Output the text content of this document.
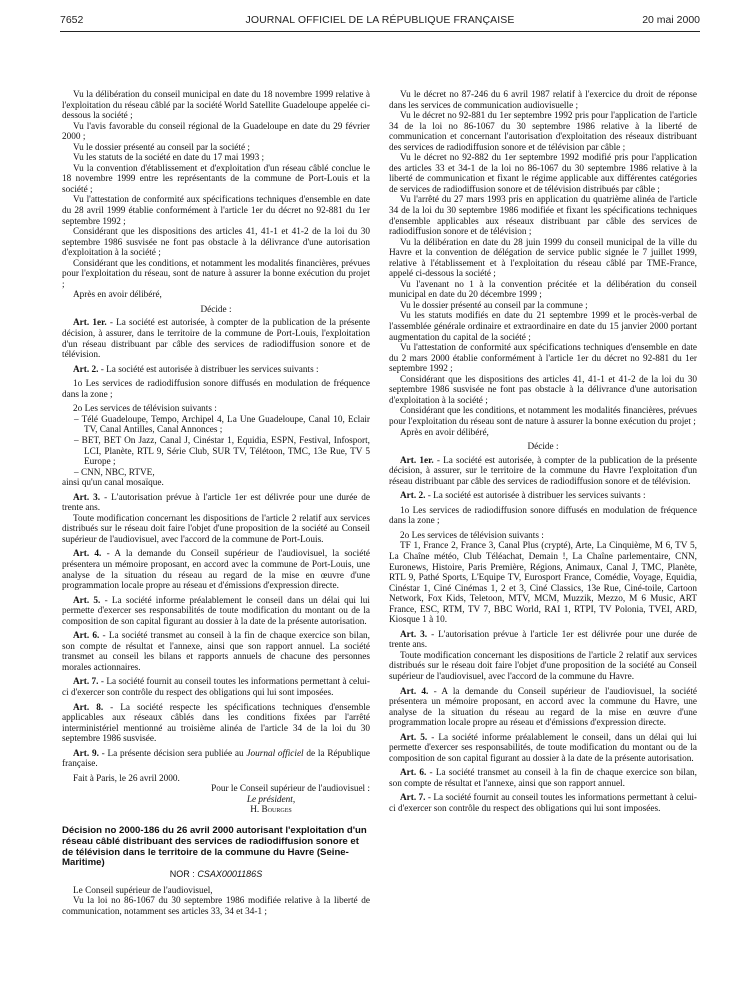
7652	JOURNAL OFFICIEL DE LA RÉPUBLIQUE FRANÇAISE	20 mai 2000

Vu la délibération du conseil municipal en date du 18 novembre 1999 relative à l'exploitation du réseau câblé par la société World Satellite Guadeloupe appelée ci-dessous la société ;

Vu l'avis favorable du conseil régional de la Guadeloupe en date du 29 février 2000 ;

Vu le dossier présenté au conseil par la société ;

Vu les statuts de la société en date du 17 mai 1993 ;

Vu la convention d'établissement et d'exploitation d'un réseau câblé conclue le 18 novembre 1999 entre les représentants de la commune de Port-Louis et la société ;

Vu l'attestation de conformité aux spécifications techniques d'ensemble en date du 28 avril 1999 établie conformément à l'article 1er du décret no 92-881 du 1er septembre 1992 ;

Considérant que les dispositions des articles 41, 41-1 et 41-2 de la loi du 30 septembre 1986 susvisée ne font pas obstacle à la délivrance d'une autorisation d'exploitation à la société ;

Considérant que les conditions, et notamment les modalités financières, prévues pour l'exploitation du réseau, sont de nature à assurer la bonne exécution du projet ;

Après en avoir délibéré,

Décide :

Art. 1er. - La société est autorisée, à compter de la publication de la présente décision, à assurer, dans le territoire de la commune de Port-Louis, l'exploitation d'un réseau distribuant par câble des services de radiodiffusion sonore et de télévision.

Art. 2. - La société est autorisée à distribuer les services suivants :

1o Les services de radiodiffusion sonore diffusés en modulation de fréquence dans la zone ;

2o Les services de télévision suivants :

– Télé Guadeloupe, Tempo, Archipel 4, La Une Guadeloupe, Canal 10, Eclair TV, Canal Antilles, Canal Annonces ;

– BET, BET On Jazz, Canal J, Cinéstar 1, Equidia, ESPN, Festival, Infosport, LCI, Planète, RTL 9, Série Club, SUR TV, Télétoon, TMC, 13e Rue, TV 5 Europe ;

– CNN, NBC, RTVE,

ainsi qu'un canal mosaïque.

Art. 3. - L'autorisation prévue à l'article 1er est délivrée pour une durée de trente ans.

Toute modification concernant les dispositions de l'article 2 relatif aux services distribués sur le réseau doit faire l'objet d'une proposition de la société au Conseil supérieur de l'audiovisuel, avec l'accord de la commune de Port-Louis.

Art. 4. - A la demande du Conseil supérieur de l'audiovisuel, la société présentera un mémoire proposant, en accord avec la commune de Port-Louis, une analyse de la situation du réseau au regard de la mise en œuvre d'une programmation locale propre au réseau et d'émissions d'expression directe.

Art. 5. - La société informe préalablement le conseil dans un délai qui lui permette d'exercer ses responsabilités de toute modification du montant ou de la composition de son capital figurant au dossier à la date de la présente autorisation.

Art. 6. - La société transmet au conseil à la fin de chaque exercice son bilan, son compte de résultat et l'annexe, ainsi que son rapport annuel. La société transmet au conseil les bilans et rapports annuels de chacune des personnes morales actionnaires.

Art. 7. - La société fournit au conseil toutes les informations permettant à celui-ci d'exercer son contrôle du respect des obligations qui lui sont imposées.

Art. 8. - La société respecte les spécifications techniques d'ensemble applicables aux réseaux câblés dans les conditions fixées par l'arrêté interministériel mentionné au troisième alinéa de l'article 34 de la loi du 30 septembre 1986 susvisée.

Art. 9. - La présente décision sera publiée au Journal officiel de la République française.

Fait à Paris, le 26 avril 2000.

Pour le Conseil supérieur de l'audiovisuel :

Le président,

H. Bourges

Décision no 2000-186 du 26 avril 2000 autorisant l'exploitation d'un réseau câblé distribuant des services de radiodiffusion sonore et de télévision dans le territoire de la commune du Havre (Seine-Maritime)

NOR : CSAX0001186S

Le Conseil supérieur de l'audiovisuel,

Vu la loi no 86-1067 du 30 septembre 1986 modifiée relative à la liberté de communication, notamment ses articles 33, 34 et 34-1 ;

Vu le décret no 87-246 du 6 avril 1987 relatif à l'exercice du droit de réponse dans les services de communication audiovisuelle ;

Vu le décret no 92-881 du 1er septembre 1992 pris pour l'application de l'article 34 de la loi no 86-1067 du 30 septembre 1986 relative à la liberté de communication et concernant l'autorisation d'exploitation des réseaux distribuant des services de radiodiffusion sonore et de télévision par câble ;

Vu le décret no 92-882 du 1er septembre 1992 modifié pris pour l'application des articles 33 et 34-1 de la loi no 86-1067 du 30 septembre 1986 relative à la liberté de communication et fixant le régime applicable aux différentes catégories de services de radiodiffusion sonore et de télévision distribués par câble ;

Vu l'arrêté du 27 mars 1993 pris en application du quatrième alinéa de l'article 34 de la loi du 30 septembre 1986 modifiée et fixant les spécifications techniques d'ensemble applicables aux réseaux distribuant par câble des services de radiodiffusion sonore et de télévision ;

Vu la délibération en date du 28 juin 1999 du conseil municipal de la ville du Havre et la convention de délégation de service public signée le 7 juillet 1999, relative à l'établissement et à l'exploitation du réseau câblé par TME-France, appelé ci-dessous la société ;

Vu l'avenant no 1 à la convention précitée et la délibération du conseil municipal en date du 20 décembre 1999 ;

Vu le dossier présenté au conseil par la commune ;

Vu les statuts modifiés en date du 21 septembre 1999 et le procès-verbal de l'assemblée générale ordinaire et extraordinaire en date du 15 janvier 2000 portant augmentation du capital de la société ;

Vu l'attestation de conformité aux spécifications techniques d'ensemble en date du 2 mars 2000 établie conformément à l'article 1er du décret no 92-881 du 1er septembre 1992 ;

Considérant que les dispositions des articles 41, 41-1 et 41-2 de la loi du 30 septembre 1986 susvisée ne font pas obstacle à la délivrance d'une autorisation d'exploitation à la société ;

Considérant que les conditions, et notamment les modalités financières, prévues pour l'exploitation du réseau sont de nature à assurer la bonne exécution du projet ;

Après en avoir délibéré,

Décide :

Art. 1er. - La société est autorisée, à compter de la publication de la présente décision, à assurer, sur le territoire de la commune du Havre l'exploitation d'un réseau distribuant par câble des services de radiodiffusion sonore et de télévision.

Art. 2. - La société est autorisée à distribuer les services suivants :

1o Les services de radiodiffusion sonore diffusés en modulation de fréquence dans la zone ;

2o Les services de télévision suivants :

TF 1, France 2, France 3, Canal Plus (crypté), Arte, La Cinquième, M 6, TV 5, La Chaîne météo, Club Téléachat, Demain !, La Chaîne parlementaire, CNN, Euronews, Histoire, Paris Première, Régions, Animaux, Canal J, TMC, Planète, RTL 9, Pathé Sports, L'Equipe TV, Eurosport France, Comédie, Voyage, Equidia, Cinéstar 1, Ciné Cinémas 1, 2 et 3, Ciné Classics, 13e Rue, Ciné-toile, Cartoon Network, Fox Kids, Teletoon, MTV, MCM, Muzzik, Mezzo, M 6 Music, ART France, ESC, RTM, TV 7, BBC World, RAI 1, RTPI, TV Polonia, TVEI, ARD, Kiosque 1 à 10.

Art. 3. - L'autorisation prévue à l'article 1er est délivrée pour une durée de trente ans.

Toute modification concernant les dispositions de l'article 2 relatif aux services distribués sur le réseau doit faire l'objet d'une proposition de la société au Conseil supérieur de l'audiovisuel, avec l'accord de la commune du Havre.

Art. 4. - A la demande du Conseil supérieur de l'audiovisuel, la société présentera un mémoire proposant, en accord avec la commune du Havre, une analyse de la situation du réseau au regard de la mise en œuvre d'une programmation locale propre au réseau et d'émissions d'expression directe.

Art. 5. - La société informe préalablement le conseil, dans un délai qui lui permette d'exercer ses responsabilités, de toute modification du montant ou de la composition de son capital figurant au dossier à la date de la présente autorisation.

Art. 6. - La société transmet au conseil à la fin de chaque exercice son bilan, son compte de résultat et l'annexe, ainsi que son rapport annuel.

Art. 7. - La société fournit au conseil toutes les informations permettant à celui-ci d'exercer son contrôle du respect des obligations qui lui sont imposées.
